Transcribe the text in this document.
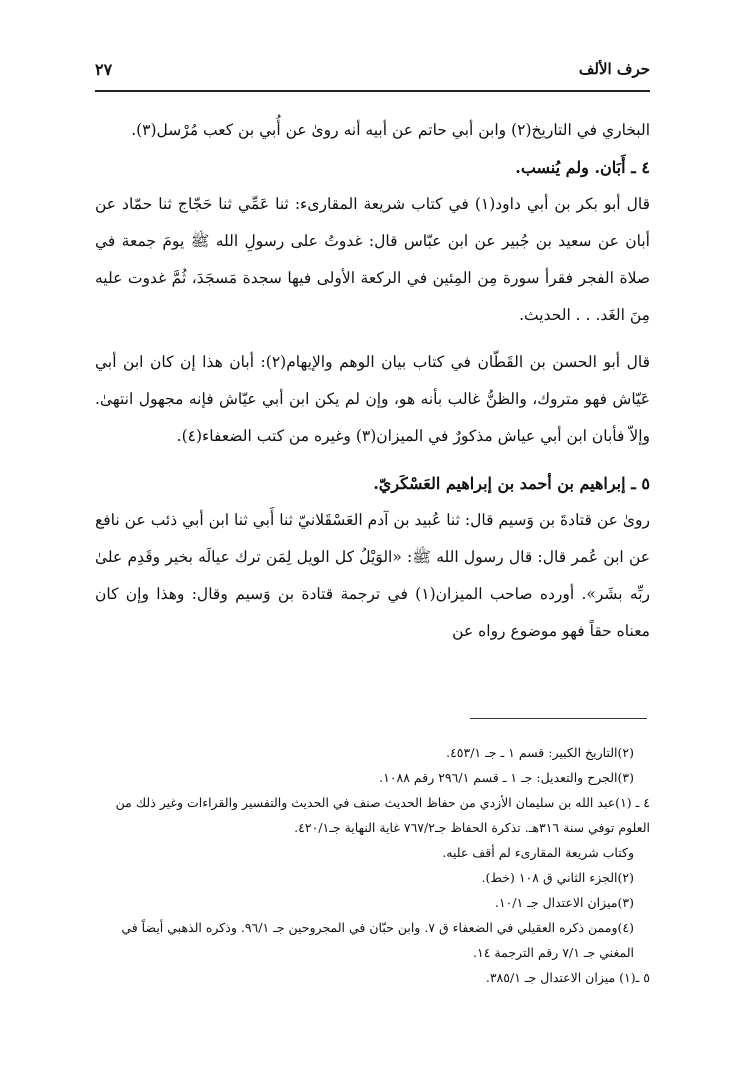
حرف الألف
٢٧

البخاري في التاريخ(٢) وابن أبي حاتم عن أبيه أنه روىٰ عن أُبي بن كعب مُرْسل(٣).

٤ ـ أَبَان. ولم يُنسب.

قال أبو بكر بن أبي داود(١) في كتاب شريعة المقارىء: ثنا عَمِّي ثنا حَجّاج ثنا حمّاد عن أبان عن سعيد بن جُبير عن ابن عبّاس قال: غدوتُ على رسولِ الله ﷺ يومَ جمعة في صلاة الفجر فقرأ سورة مِن المِئين في الركعة الأولى فيها سجدة مَسجَدَ، ثُمَّ غدوت عليه مِنَ الغَد. . . الحديث.

قال أبو الحسن بن القَطّان في كتاب بيان الوهم والإيهام(٢): أبان هذا إن كان ابن أبي عَيّاش فهو متروك، والظنُّ غالب بأنه هو، وإن لم يكن ابن أبي عيّاش فإنه مجهول انتهىٰ. وإلاّ فأبان ابن أبي عياش مذكورٌ في الميزان(٣) وغيره من كتب الضعفاء(٤).

٥ ـ إبراهيم بن أحمد بن إبراهيم العَسْكَريّ.

روىٰ عن قتادةَ بن وَسيم قال: ثنا عُبيد بن آدم العَسْقَلانيّ ثنا أَبي ثنا ابن أبي ذئب عن نافع عن ابن عُمر قال: قال رسول الله ﷺ: «الوَيْلُ كل الويل لِمَن ترك عيالَه بخير وقَدِم علىٰ ربِّه بشَر». أورده صاحب الميزان(١) في ترجمة قتادة بن وَسيم وقال: وهذا وإن كان معناه حقاً فهو موضوع رواه عن

(٢)التاريخ الكبير: قسم ١ ـ جـ ٤٥٣/١.

(٣)الجرح والتعديل: جـ ١ ـ قسم ٢٩٦/١ رقم ١٠٨٨.

٤ ـ (١)عبد الله بن سليمان الأزدي من حفاظ الحديث صنف في الحديث والتفسير والقراءات وغير ذلك من العلوم توفي سنة ٣١٦هـ. تذكرة الحفاظ جـ٧٦٧/٢ غاية النهاية جـ٤٢٠/١.

وكتاب شريعة المقارىء لم أقف عليه.

(٢)الجزء الثاني ق ١٠٨ (خط).

(٣)ميزان الاعتدال جـ ١٠/١.

(٤)وممن ذكره العقيلي في الضعفاء ق ٧. وابن حبّان في المجروحين جـ ٩٦/١. وذكره الذهبي أيضاً في المغني جـ ٧/١ رقم الترجمة ١٤.

٥ ـ(١) ميزان الاعتدال جـ ٣٨٥/١.
